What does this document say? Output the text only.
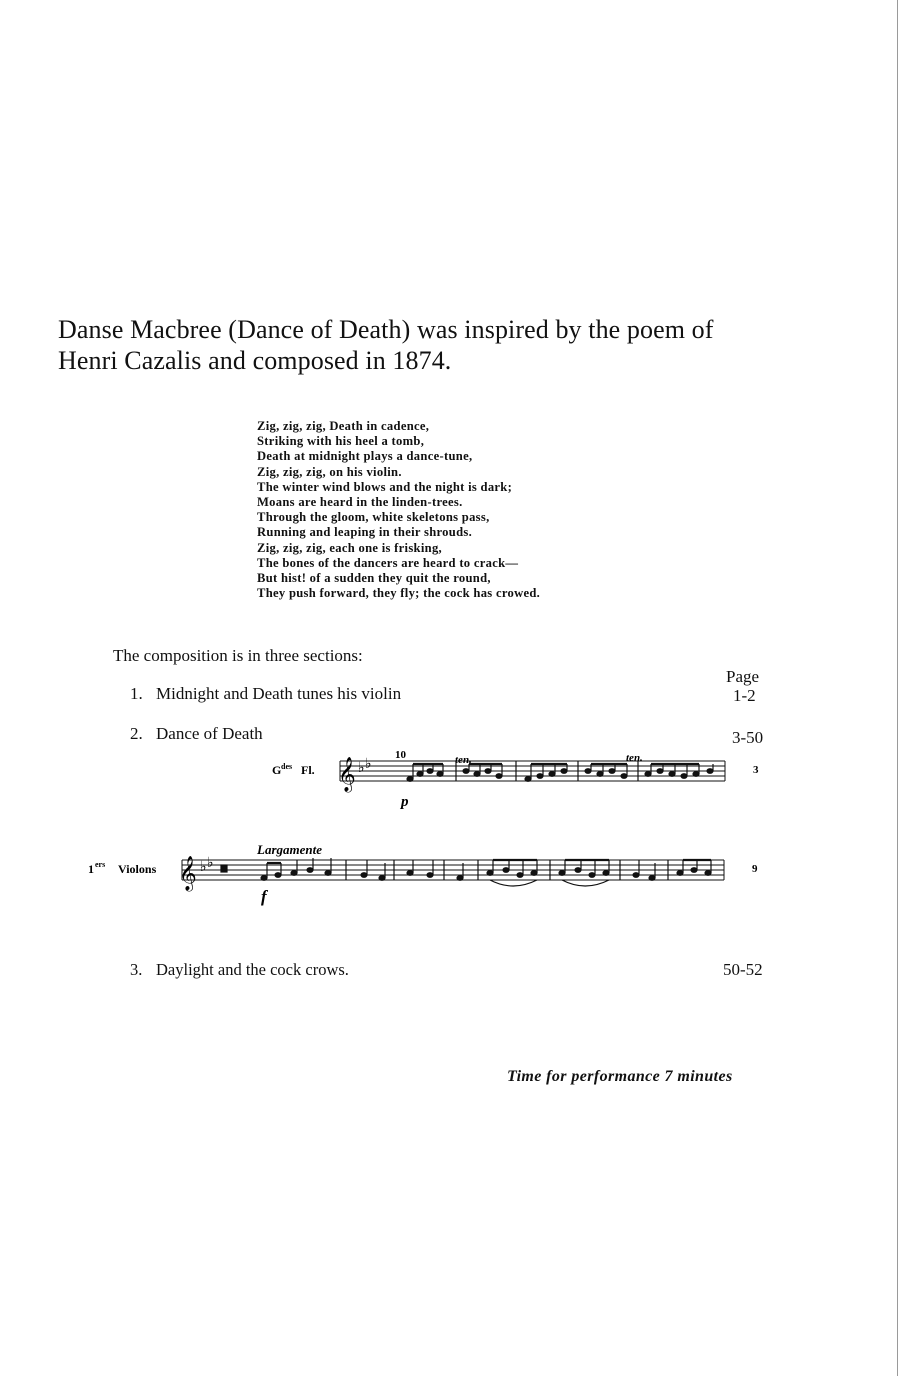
Danse Macbree (Dance of Death) was inspired by the poem of
Henri Cazalis and composed in 1874.
Zig, zig, zig, Death in cadence,
Striking with his heel a tomb,
Death at midnight plays a dance-tune,
Zig, zig, zig, on his violin.
The winter wind blows and the night is dark;
Moans are heard in the linden-trees.
Through the gloom, white skeletons pass,
Running and leaping in their shrouds.
Zig, zig, zig, each one is frisking,
The bones of the dancers are heard to crack—
But hist! of a sudden they quit the round,
They push forward, they fly; the cock has crowed.
The composition is in three sections:
Page
1. Midnight and Death tunes his violin	1-2
2. Dance of Death	3-50
G des Fl. 𝄞 ♭ ♭
10	ten.	ten.
p
3
1 ers Violons 𝄞 ♭ ♭
Largamente
f
9
3. Daylight and the cock crows.	50-52
Time for performance 7 minutes
